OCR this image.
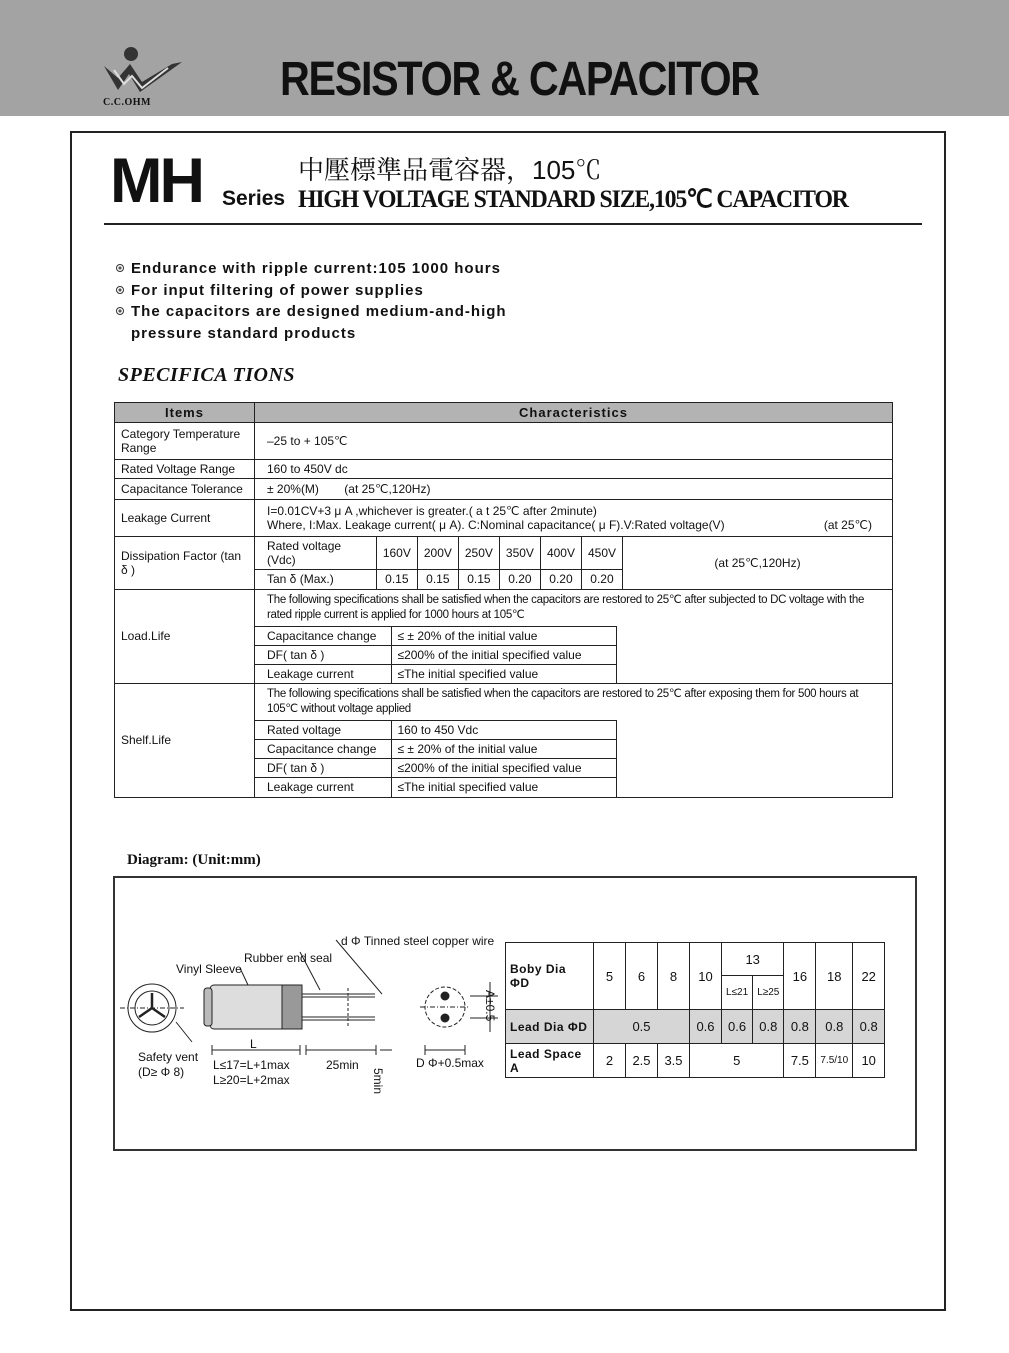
C.C.OHM	RESISTOR & CAPACITOR
MH Series
中壓標準品電容器，105℃
HIGH VOLTAGE STANDARD SIZE,105℃ CAPACITOR
Endurance with ripple current:105 1000 hours
For input filtering of power supplies
The capacitors are designed medium-and-high
pressure standard products
SPECIFICA TIONS
Items	Characteristics
Category Temperature Range	–25 to + 105℃
Rated Voltage Range	160 to 450V dc
Capacitance Tolerance	± 20%(M) (at 25℃,120Hz)
Leakage Current	I=0.01CV+3 μ A ,whichever is greater.( a t 25℃ after 2minute)
Where, I:Max. Leakage current( μ A). C:Nominal capacitance( μ F).V:Rated voltage(V)	(at 25℃)

Dissipation Factor (tan δ )	
Rated voltage (Vdc)	160V	200V	250V	350V	400V	450V
Tan δ (Max.)	0.15	0.15	0.15	0.20	0.20	0.20
(at 25℃,120Hz)

Load.Life	
The following specifications shall be satisfied when the capacitors are restored to 25℃ after subjected to DC voltage with the rated ripple current is applied for 1000 hours at 105℃
Capacitance change	≤ ± 20% of the initial value
DF( tan δ )	≤200% of the initial specified value
Leakage current	≤The initial specified value

Shelf.Life	
The following specifications shall be satisfied when the capacitors are restored to 25℃ after exposing them for 500 hours at 105℃ without voltage applied
Rated voltage	160 to 450 Vdc
Capacitance change	≤ ± 20% of the initial value
DF( tan δ )	≤200% of the initial specified value
Leakage current	≤The initial specified value
Diagram: (Unit:mm)
d Φ Tinned steel copper wire
Rubber end seal
Vinyl Sleeve
Safety vent
(D≥ Φ 8)
L
L≤17=L+1max
L≥20=L+2max
25min
5min
D Φ+0.5max
A±0.5
Boby Dia ΦD	5	6	8	10	13		16	18	22
					L≤21	L≥25			
Lead Dia ΦD	0.5			0.6	0.6	0.8	0.8	0.8	0.8
Lead Space A	2	2.5	3.5	5			7.5	7.5/10	10
